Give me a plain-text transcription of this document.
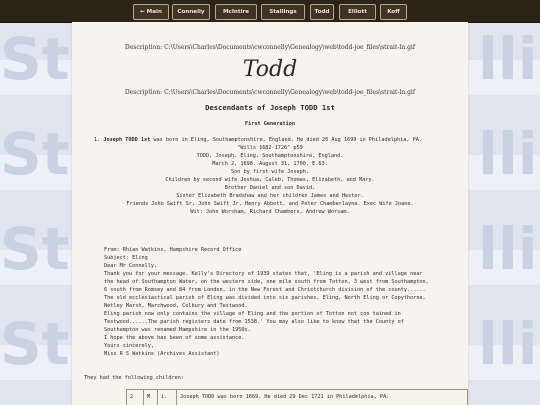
St
St
St
St
lli
lli
lli
lli
← Main	Connelly	McIntire	Stallings	Todd	Elliott	Koff
Description: C:\Users\Charles\Documents\cwconnelly\Genealogy\web\todd-joe_files\strait-ln.gif
Todd
Description: C:\Users\Charles\Documents\cwconnelly\Genealogy\web\todd-joe_files\strait-ln.gif
Descendants of Joseph TODD 1st
First Generation
1. Joseph TODD 1st was born in Eling, Southamptonshire, England. He died 20 Aug 1699 in Philadelphia, PA.
"Wills 1682-1726" p59
TODD, Joseph. Eling, Southamptonshire, England.
March 2, 1698. August 31, 1700. E.63.
Son by first wife Joseph.
Children by second wife Joshua, Caleb, Thomas, Elizabeth, and Mary.
Brother Daniel and son David.
Sister Elizabeth Bradshaw and her children James and Hester.
Friends John Swift Sr, John Swift Jr, Henry Abbott, and Peter Chamberlayne. Exec Wife Joane.
Wit: John Worsham, Richard Chambers, Andrew Worsam.
From: Rhian Watkins, Hampshire Record Office
Subject: Eling
Dear Mr Connelly,
Thank you for your message. Kelly's Directory of 1939 states that, 'Eling is a parish and village near
the head of Southampton Water, on the western side, one mile south from Totton, 3 west from Southampton,
6 south from Romsey and 84 from London, in the New Forest and Christchurch division of the county......
The old ecclesiastical parish of Eling was divided into six parishes, Eling, North Eling or Copythorne,
Netley Marsh, Marchwood, Colbury and Testwood.
Eling parish now only contains the village of Eling and the portion of Totton not con tained in
Testwood......The parish registers date from 1538.' You may also like to know that the County of
Southampton was renamed Hampshire in the 1950s.
I hope the above has been of some assistance.
Yours sincerely,
Miss R S Watkins (Archives Assistant)
They had the following children:
2	M i. Joseph TODD was born 1669. He died 29 Dec 1721 in Philadelphia, PA.
